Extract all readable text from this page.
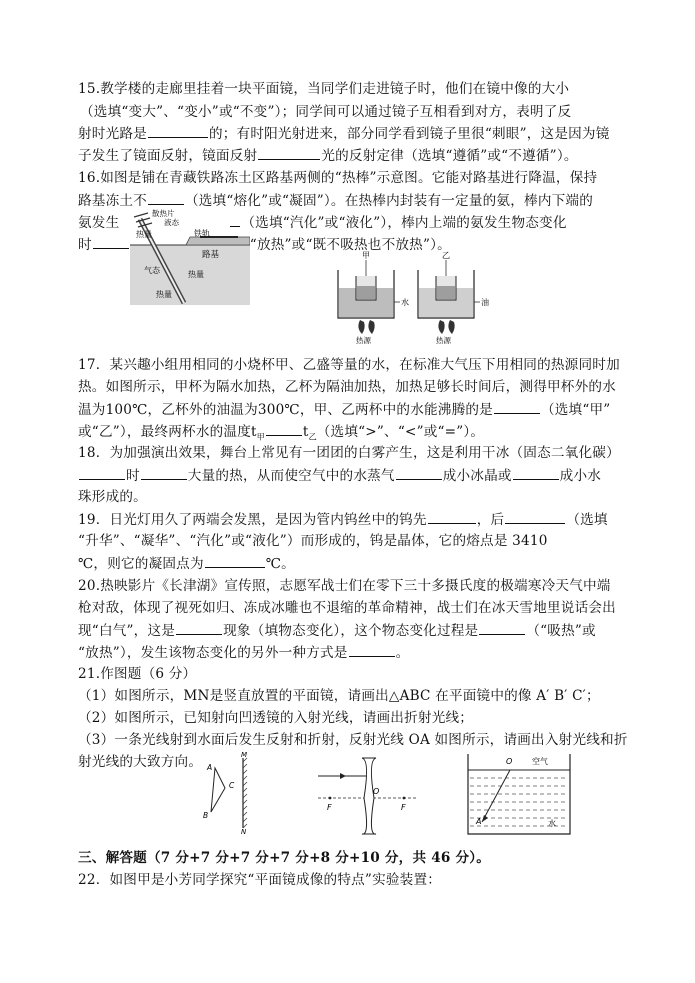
15.教学楼的走廊里挂着一块平面镜，当同学们走进镜子时，他们在镜中像的大小
（选填“变大”、“变小”或“不变”）；同学间可以通过镜子互相看到对方，表明了反
射时光路是	的；有时阳光射进来，部分同学看到镜子里很“刺眼”，这是因为镜
子发生了镜面反射，镜面反射	光的反射定律（选填“遵循”或“不遵循”）。
16.如图是铺在青藏铁路冻土区路基两侧的“热棒”示意图。它能对路基进行降温，保持
路基冻土不	（选填“熔化”或“凝固”）。在热棒内封装有一定量的氨，棒内下端的
氨发生	（选填“汽化”或“液化”），棒内上端的氨发生物态变化
时	“放热”或“既不吸热也不放热”）。
散热片
液态
热量	铁轨
路基
气态	热量
热量
甲
水
热源
乙
油
热源
17．某兴趣小组用相同的小烧杯甲、乙盛等量的水，在标准大气压下用相同的热源同时加
热。如图所示，甲杯为隔水加热，乙杯为隔油加热，加热足够长时间后，测得甲杯外的水
温为100℃，乙杯外的油温为300℃，甲、乙两杯中的水能沸腾的是	（选填“甲”
或“乙”），最终两杯水的温度$t_甲$	$t_乙$（选填“>”、“<”或“=”）。
18．为加强演出效果，舞台上常见有一团团的白雾产生，这是利用干冰（固态二氧化碳）
时	大量的热，从而使空气中的水蒸气	成小冰晶或	成小水
珠形成的。
19．日光灯用久了两端会发黑，是因为管内钨丝中的钨先	，后	（选填
“升华”、“凝华”、“汽化”或“液化”）而形成的，钨是晶体，它的熔点是 3410
℃，则它的凝固点为	℃。
20.热映影片《长津湖》宣传照，志愿军战士们在零下三十多摄氏度的极端寒冷天气中端
枪对敌，体现了视死如归、冻成冰雕也不退缩的革命精神，战士们在冰天雪地里说话会出
现“白气”，这是	现象（填物态变化），这个物态变化过程是	（“吸热”或
“放热”），发生该物态变化的另外一种方式是	。
21.作图题（6 分）
（1）如图所示，MN是竖直放置的平面镜，请画出△ABC 在平面镜中的像 A′ B′ C′；
（2）如图所示，已知射向凹透镜的入射光线，请画出折射光线；
（3）一条光线射到水面后发生反射和折射，反射光线 OA 如图所示，请画出入射光线和折
射光线的大致方向。 A
C
B
M
N
F
O
F
O 空气
A	水
三、解答题（7 分+7 分+7 分+7 分+8 分+10 分，共 46 分）。
22．如图甲是小芳同学探究“平面镜成像的特点”实验装置：
